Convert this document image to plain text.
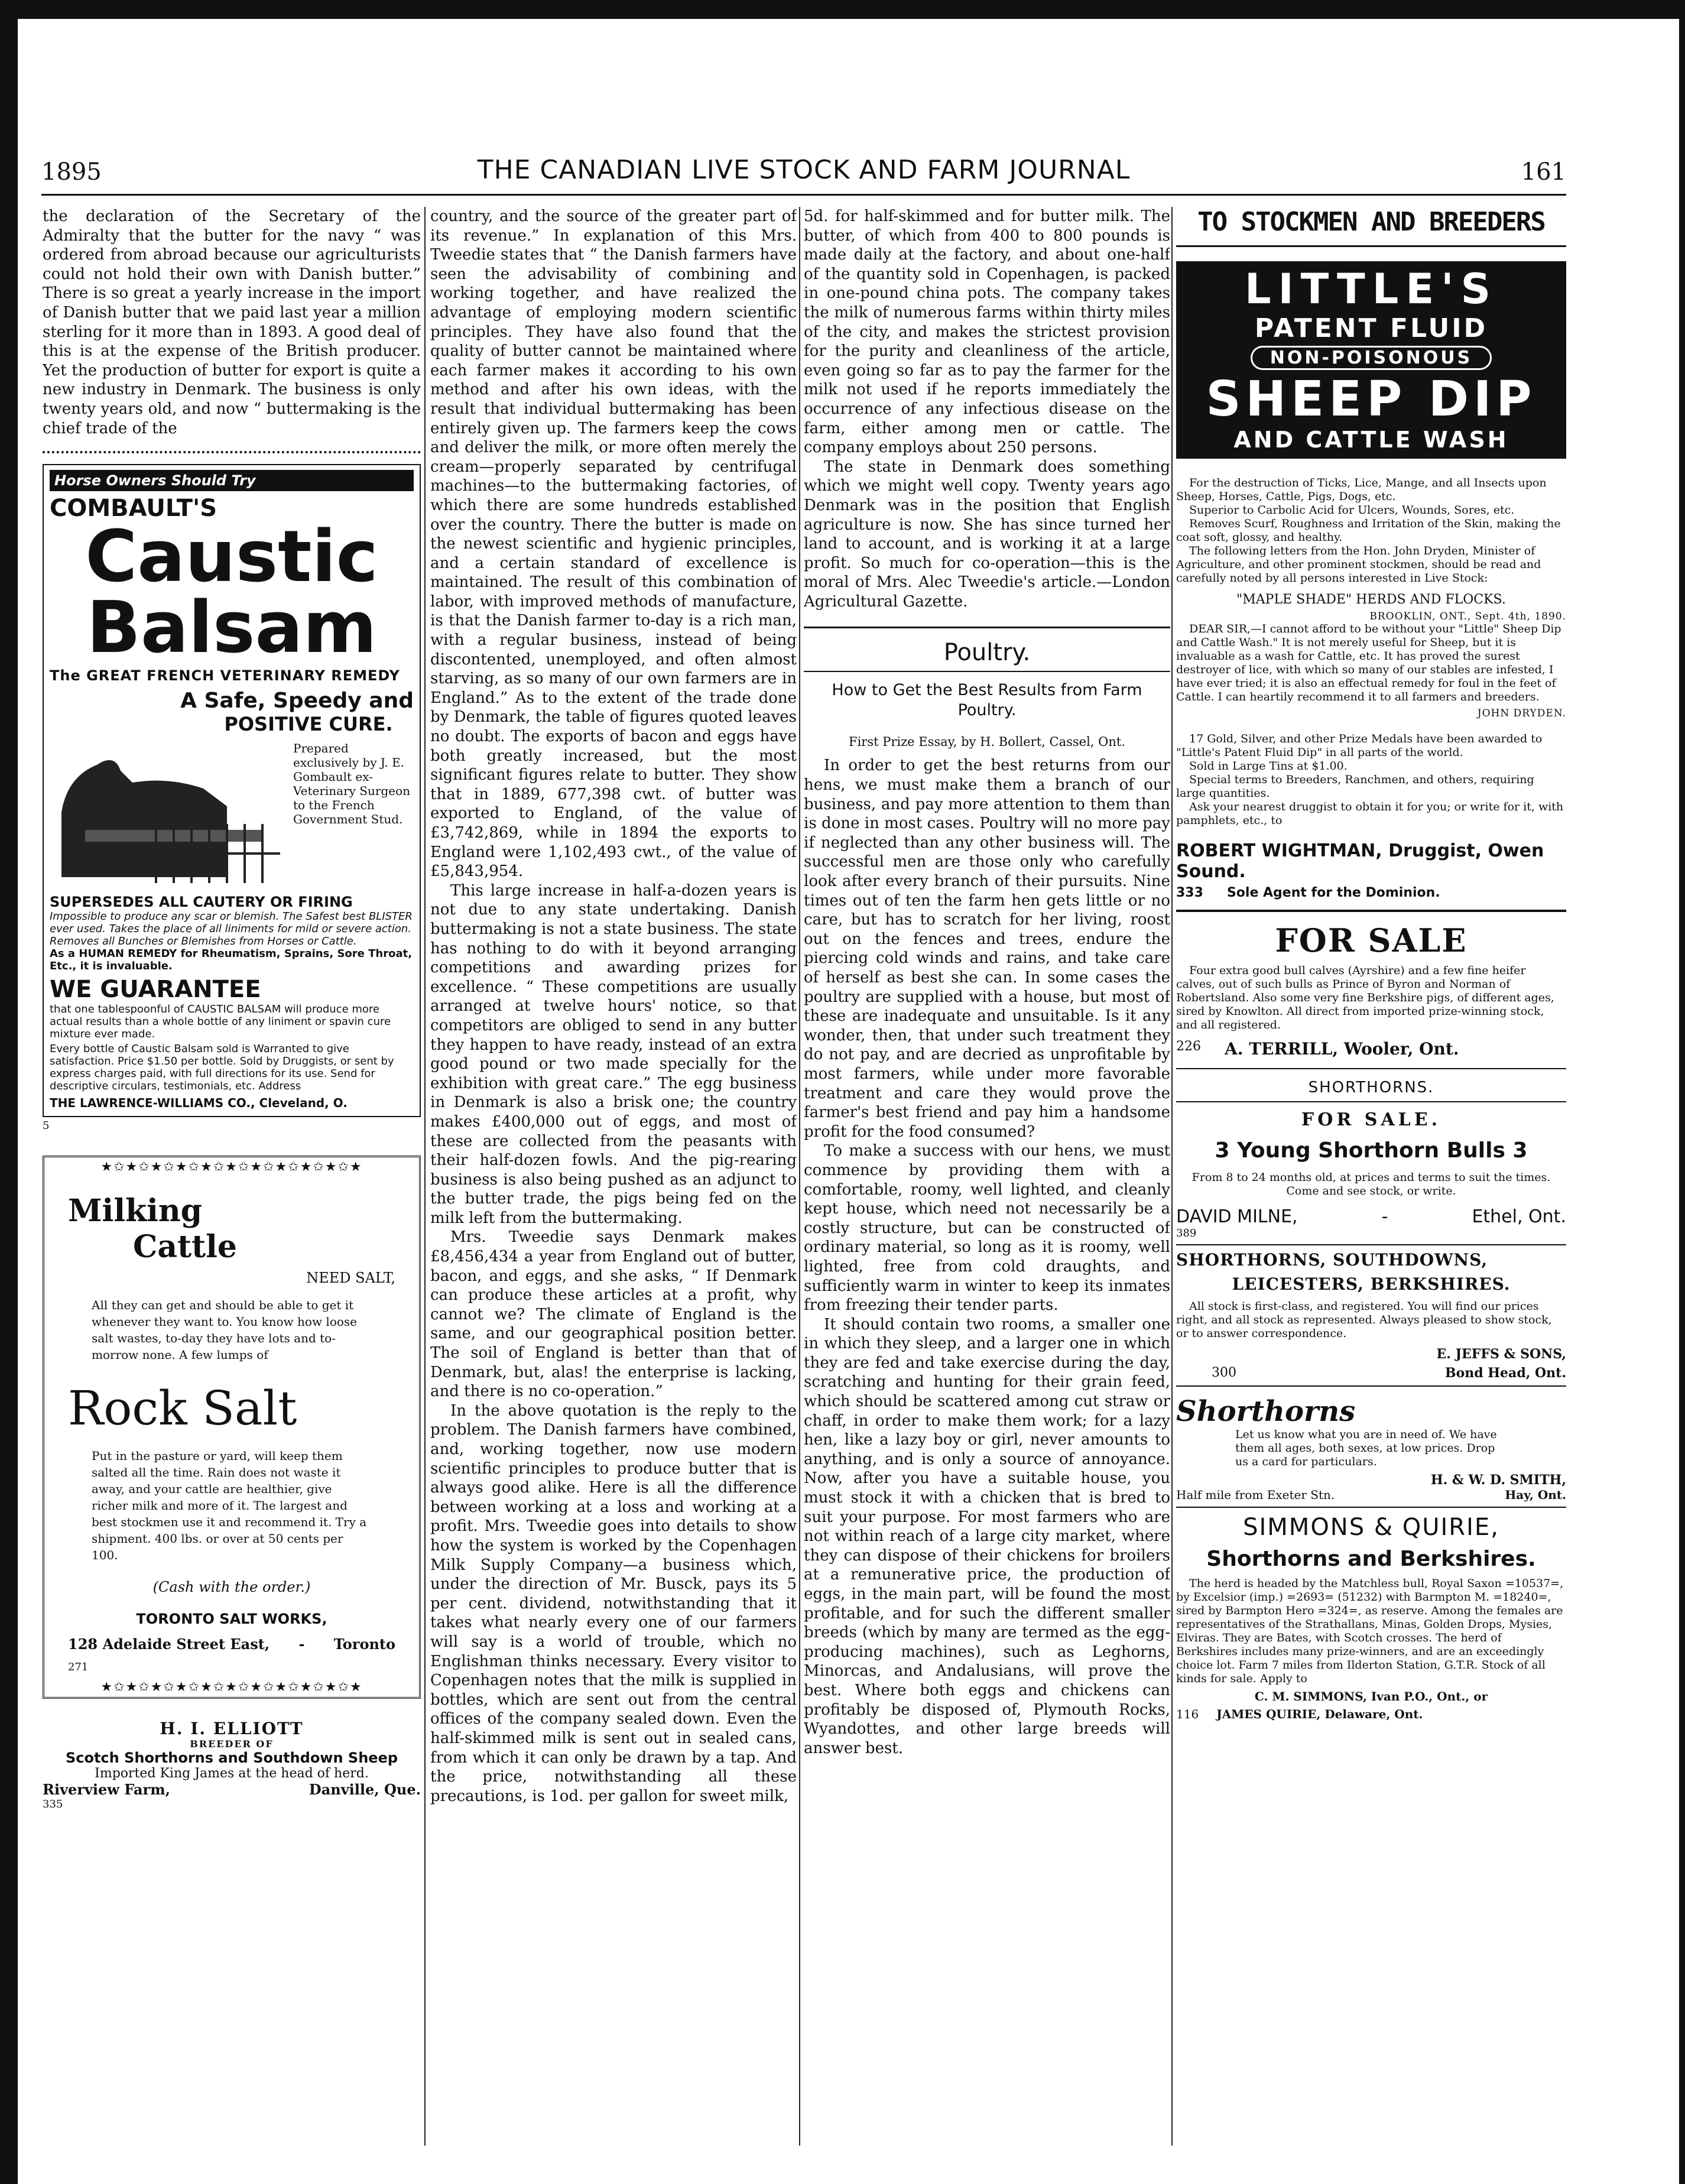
1895	THE CANADIAN LIVE STOCK AND FARM JOURNAL	161

the declaration of the Secretary of the Admiralty that the butter for the navy “ was ordered from abroad because our agriculturists could not hold their own with Danish butter.” There is so great a yearly increase in the import of Danish butter that we paid last year a million sterling for it more than in 1893. A good deal of this is at the expense of the British producer. Yet the production of butter for export is quite a new industry in Denmark. The business is only twenty years old, and now “ buttermaking is the chief trade of the

Horse Owners Should Try
COMBAULT'S
Caustic
Balsam
The GREAT FRENCH VETERINARY REMEDY
A Safe, Speedy and
POSITIVE CURE.
Prepared exclusively by J. E. Gombault ex-Veterinary Surgeon to the French Government Stud.
SUPERSEDES ALL CAUTERY OR FIRING
Impossible to produce any scar or blemish. The Safest best BLISTER ever used. Takes the place of all liniments for mild or severe action. Removes all Bunches or Blemishes from Horses or Cattle.
As a HUMAN REMEDY for Rheumatism, Sprains, Sore Throat, Etc., it is invaluable.
WE GUARANTEE
that one tablespoonful of CAUSTIC BALSAM will produce more actual results than a whole bottle of any liniment or spavin cure mixture ever made.
Every bottle of Caustic Balsam sold is Warranted to give satisfaction. Price $1.50 per bottle. Sold by Druggists, or sent by express charges paid, with full directions for its use. Send for descriptive circulars, testimonials, etc. Address
THE LAWRENCE-WILLIAMS CO., Cleveland, O.
5
★✩★✩★✩★✩★✩★✩★✩★✩★✩★✩★
Milking
Cattle
NEED SALT,
All they can get and should be able to get it whenever they want to. You know how loose salt wastes, to-day they have lots and to-morrow none. A few lumps of
Rock Salt
Put in the pasture or yard, will keep them salted all the time. Rain does not waste it away, and your cattle are healthier, give richer milk and more of it. The largest and best stockmen use it and recommend it. Try a shipment. 400 lbs. or over at 50 cents per 100.
(Cash with the order.)
TORONTO SALT WORKS,
128 Adelaide Street East, - Toronto
271
★✩★✩★✩★✩★✩★✩★✩★✩★✩★✩★
H. I. ELLIOTT
BREEDER OF
Scotch Shorthorns and Southdown Sheep
Imported King James at the head of herd.
Riverview Farm,	Danville, Que.
335

country, and the source of the greater part of its revenue.” In explanation of this Mrs. Tweedie states that “ the Danish farmers have seen the advisability of combining and working together, and have realized the advantage of employing modern scientific principles. They have also found that the quality of butter cannot be maintained where each farmer makes it according to his own method and after his own ideas, with the result that individual buttermaking has been entirely given up. The farmers keep the cows and deliver the milk, or more often merely the cream—properly separated by centrifugal machines—to the buttermaking factories, of which there are some hundreds established over the country. There the butter is made on the newest scientific and hygienic principles, and a certain standard of excellence is maintained. The result of this combination of labor, with improved methods of manufacture, is that the Danish farmer to-day is a rich man, with a regular business, instead of being discontented, unemployed, and often almost starving, as so many of our own farmers are in England.” As to the extent of the trade done by Denmark, the table of figures quoted leaves no doubt. The exports of bacon and eggs have both greatly increased, but the most significant figures relate to butter. They show that in 1889, 677,398 cwt. of butter was exported to England, of the value of £3,742,869, while in 1894 the exports to England were 1,102,493 cwt., of the value of £5,843,954.

This large increase in half-a-dozen years is not due to any state undertaking. Danish buttermaking is not a state business. The state has nothing to do with it beyond arranging competitions and awarding prizes for excellence. “ These competitions are usually arranged at twelve hours' notice, so that competitors are obliged to send in any butter they happen to have ready, instead of an extra good pound or two made specially for the exhibition with great care.” The egg business in Denmark is also a brisk one; the country makes £400,000 out of eggs, and most of these are collected from the peasants with their half-dozen fowls. And the pig-rearing business is also being pushed as an adjunct to the butter trade, the pigs being fed on the milk left from the buttermaking.

Mrs. Tweedie says Denmark makes £8,456,434 a year from England out of butter, bacon, and eggs, and she asks, “ If Denmark can produce these articles at a profit, why cannot we? The climate of England is the same, and our geographical position better. The soil of England is better than that of Denmark, but, alas! the enterprise is lacking, and there is no co-operation.”

In the above quotation is the reply to the problem. The Danish farmers have combined, and, working together, now use modern scientific principles to produce butter that is always good alike. Here is all the difference between working at a loss and working at a profit. Mrs. Tweedie goes into details to show how the system is worked by the Copenhagen Milk Supply Company—a business which, under the direction of Mr. Busck, pays its 5 per cent. dividend, notwithstanding that it takes what nearly every one of our farmers will say is a world of trouble, which no Englishman thinks necessary. Every visitor to Copenhagen notes that the milk is supplied in bottles, which are sent out from the central offices of the company sealed down. Even the half-skimmed milk is sent out in sealed cans, from which it can only be drawn by a tap. And the price, notwithstanding all these precautions, is 1od. per gallon for sweet milk,

5d. for half-skimmed and for butter milk. The butter, of which from 400 to 800 pounds is made daily at the factory, and about one-half of the quantity sold in Copenhagen, is packed in one-pound china pots. The company takes the milk of numerous farms within thirty miles of the city, and makes the strictest provision for the purity and cleanliness of the article, even going so far as to pay the farmer for the milk not used if he reports immediately the occurrence of any infectious disease on the farm, either among men or cattle. The company employs about 250 persons.

The state in Denmark does something which we might well copy. Twenty years ago Denmark was in the position that English agriculture is now. She has since turned her land to account, and is working it at a large profit. So much for co-operation—this is the moral of Mrs. Alec Tweedie's article.—London Agricultural Gazette.

Poultry.
How to Get the Best Results from Farm Poultry.
First Prize Essay, by H. Bollert, Cassel, Ont.

In order to get the best returns from our hens, we must make them a branch of our business, and pay more attention to them than is done in most cases. Poultry will no more pay if neglected than any other business will. The successful men are those only who carefully look after every branch of their pursuits. Nine times out of ten the farm hen gets little or no care, but has to scratch for her living, roost out on the fences and trees, endure the piercing cold winds and rains, and take care of herself as best she can. In some cases the poultry are supplied with a house, but most of these are inadequate and unsuitable. Is it any wonder, then, that under such treatment they do not pay, and are decried as unprofitable by most farmers, while under more favorable treatment and care they would prove the farmer's best friend and pay him a handsome profit for the food consumed?

To make a success with our hens, we must commence by providing them with a comfortable, roomy, well lighted, and cleanly kept house, which need not necessarily be a costly structure, but can be constructed of ordinary material, so long as it is roomy, well lighted, free from cold draughts, and sufficiently warm in winter to keep its inmates from freezing their tender parts.

It should contain two rooms, a smaller one in which they sleep, and a larger one in which they are fed and take exercise during the day, scratching and hunting for their grain feed, which should be scattered among cut straw or chaff, in order to make them work; for a lazy hen, like a lazy boy or girl, never amounts to anything, and is only a source of annoyance. Now, after you have a suitable house, you must stock it with a chicken that is bred to suit your purpose. For most farmers who are not within reach of a large city market, where they can dispose of their chickens for broilers at a remunerative price, the production of eggs, in the main part, will be found the most profitable, and for such the different smaller breeds (which by many are termed as the egg-producing machines), such as Leghorns, Minorcas, and Andalusians, will prove the best. Where both eggs and chickens can profitably be disposed of, Plymouth Rocks, Wyandottes, and other large breeds will answer best.

TO STOCKMEN AND BREEDERS
LITTLE'S
PATENT FLUID
NON-POISONOUS
SHEEP DIP
AND CATTLE WASH

For the destruction of Ticks, Lice, Mange, and all Insects upon Sheep, Horses, Cattle, Pigs, Dogs, etc.

Superior to Carbolic Acid for Ulcers, Wounds, Sores, etc.

Removes Scurf, Roughness and Irritation of the Skin, making the coat soft, glossy, and healthy.

The following letters from the Hon. John Dryden, Minister of Agriculture, and other prominent stockmen, should be read and carefully noted by all persons interested in Live Stock:

"MAPLE SHADE" HERDS AND FLOCKS.
BROOKLIN, ONT., Sept. 4th, 1890.

DEAR SIR,—I cannot afford to be without your "Little" Sheep Dip and Cattle Wash." It is not merely useful for Sheep, but it is invaluable as a wash for Cattle, etc. It has proved the surest destroyer of lice, with which so many of our stables are infested, I have ever tried; it is also an effectual remedy for foul in the feet of Cattle. I can heartily recommend it to all farmers and breeders.

JOHN DRYDEN.

17 Gold, Silver, and other Prize Medals have been awarded to "Little's Patent Fluid Dip" in all parts of the world.

Sold in Large Tins at $1.00.

Special terms to Breeders, Ranchmen, and others, requiring large quantities.

Ask your nearest druggist to obtain it for you; or write for it, with pamphlets, etc., to

ROBERT WIGHTMAN, Druggist, Owen Sound.
333 Sole Agent for the Dominion.
FOR SALE

Four extra good bull calves (Ayrshire) and a few fine heifer calves, out of such bulls as Prince of Byron and Norman of Robertsland. Also some very fine Berkshire pigs, of different ages, sired by Knowlton. All direct from imported prize-winning stock, and all registered.

226 A. TERRILL, Wooler, Ont.
SHORTHORNS.
FOR SALE.
3 Young Shorthorn Bulls 3

From 8 to 24 months old, at prices and terms to suit the times. Come and see stock, or write.

DAVID MILNE,	-	Ethel, Ont.
389
SHORTHORNS, SOUTHDOWNS,
LEICESTERS, BERKSHIRES.

All stock is first-class, and registered. You will find our prices right, and all stock as represented. Always pleased to show stock, or to answer correspondence.

E. JEFFS & SONS,
300	Bond Head, Ont.
Shorthorns

Let us know what you are in need of. We have them all ages, both sexes, at low prices. Drop us a card for particulars.

H. & W. D. SMITH,
Half mile from Exeter Stn.	Hay, Ont.
SIMMONS & QUIRIE,
Shorthorns and Berkshires.

The herd is headed by the Matchless bull, Royal Saxon =10537=, by Excelsior (imp.) =2693= (51232) with Barmpton M. =18240=, sired by Barmpton Hero =324=, as reserve. Among the females are representatives of the Strathallans, Minas, Golden Drops, Mysies, Elviras. They are Bates, with Scotch crosses. The herd of Berkshires includes many prize-winners, and are an exceedingly choice lot. Farm 7 miles from Ilderton Station, G.T.R. Stock of all kinds for sale. Apply to

C. M. SIMMONS, Ivan P.O., Ont., or
116 JAMES QUIRIE, Delaware, Ont.
